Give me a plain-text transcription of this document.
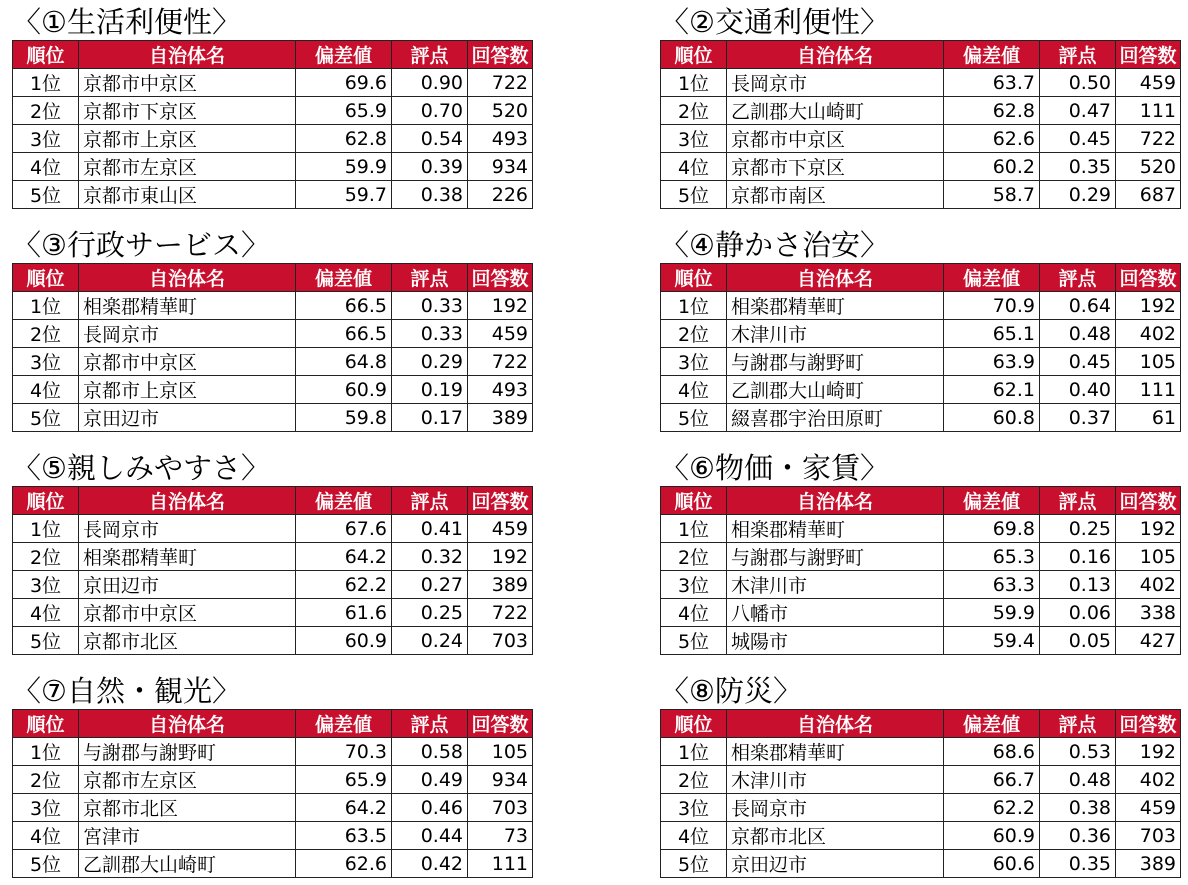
〈①生活利便性〉
順位	自治体名	偏差値	評点	回答数
1位	京都市中京区	69.6	0.90	722
2位	京都市下京区	65.9	0.70	520
3位	京都市上京区	62.8	0.54	493
4位	京都市左京区	59.9	0.39	934
5位	京都市東山区	59.7	0.38	226
〈②交通利便性〉
順位	自治体名	偏差値	評点	回答数
1位	長岡京市	63.7	0.50	459
2位	乙訓郡大山崎町	62.8	0.47	111
3位	京都市中京区	62.6	0.45	722
4位	京都市下京区	60.2	0.35	520
5位	京都市南区	58.7	0.29	687
〈③行政サービス〉
順位	自治体名	偏差値	評点	回答数
1位	相楽郡精華町	66.5	0.33	192
2位	長岡京市	66.5	0.33	459
3位	京都市中京区	64.8	0.29	722
4位	京都市上京区	60.9	0.19	493
5位	京田辺市	59.8	0.17	389
〈④静かさ治安〉
順位	自治体名	偏差値	評点	回答数
1位	相楽郡精華町	70.9	0.64	192
2位	木津川市	65.1	0.48	402
3位	与謝郡与謝野町	63.9	0.45	105
4位	乙訓郡大山崎町	62.1	0.40	111
5位	綴喜郡宇治田原町	60.8	0.37	61
〈⑤親しみやすさ〉
順位	自治体名	偏差値	評点	回答数
1位	長岡京市	67.6	0.41	459
2位	相楽郡精華町	64.2	0.32	192
3位	京田辺市	62.2	0.27	389
4位	京都市中京区	61.6	0.25	722
5位	京都市北区	60.9	0.24	703
〈⑥物価・家賃〉
順位	自治体名	偏差値	評点	回答数
1位	相楽郡精華町	69.8	0.25	192
2位	与謝郡与謝野町	65.3	0.16	105
3位	木津川市	63.3	0.13	402
4位	八幡市	59.9	0.06	338
5位	城陽市	59.4	0.05	427
〈⑦自然・観光〉
順位	自治体名	偏差値	評点	回答数
1位	与謝郡与謝野町	70.3	0.58	105
2位	京都市左京区	65.9	0.49	934
3位	京都市北区	64.2	0.46	703
4位	宮津市	63.5	0.44	73
5位	乙訓郡大山崎町	62.6	0.42	111
〈⑧防災〉
順位	自治体名	偏差値	評点	回答数
1位	相楽郡精華町	68.6	0.53	192
2位	木津川市	66.7	0.48	402
3位	長岡京市	62.2	0.38	459
4位	京都市北区	60.9	0.36	703
5位	京田辺市	60.6	0.35	389
